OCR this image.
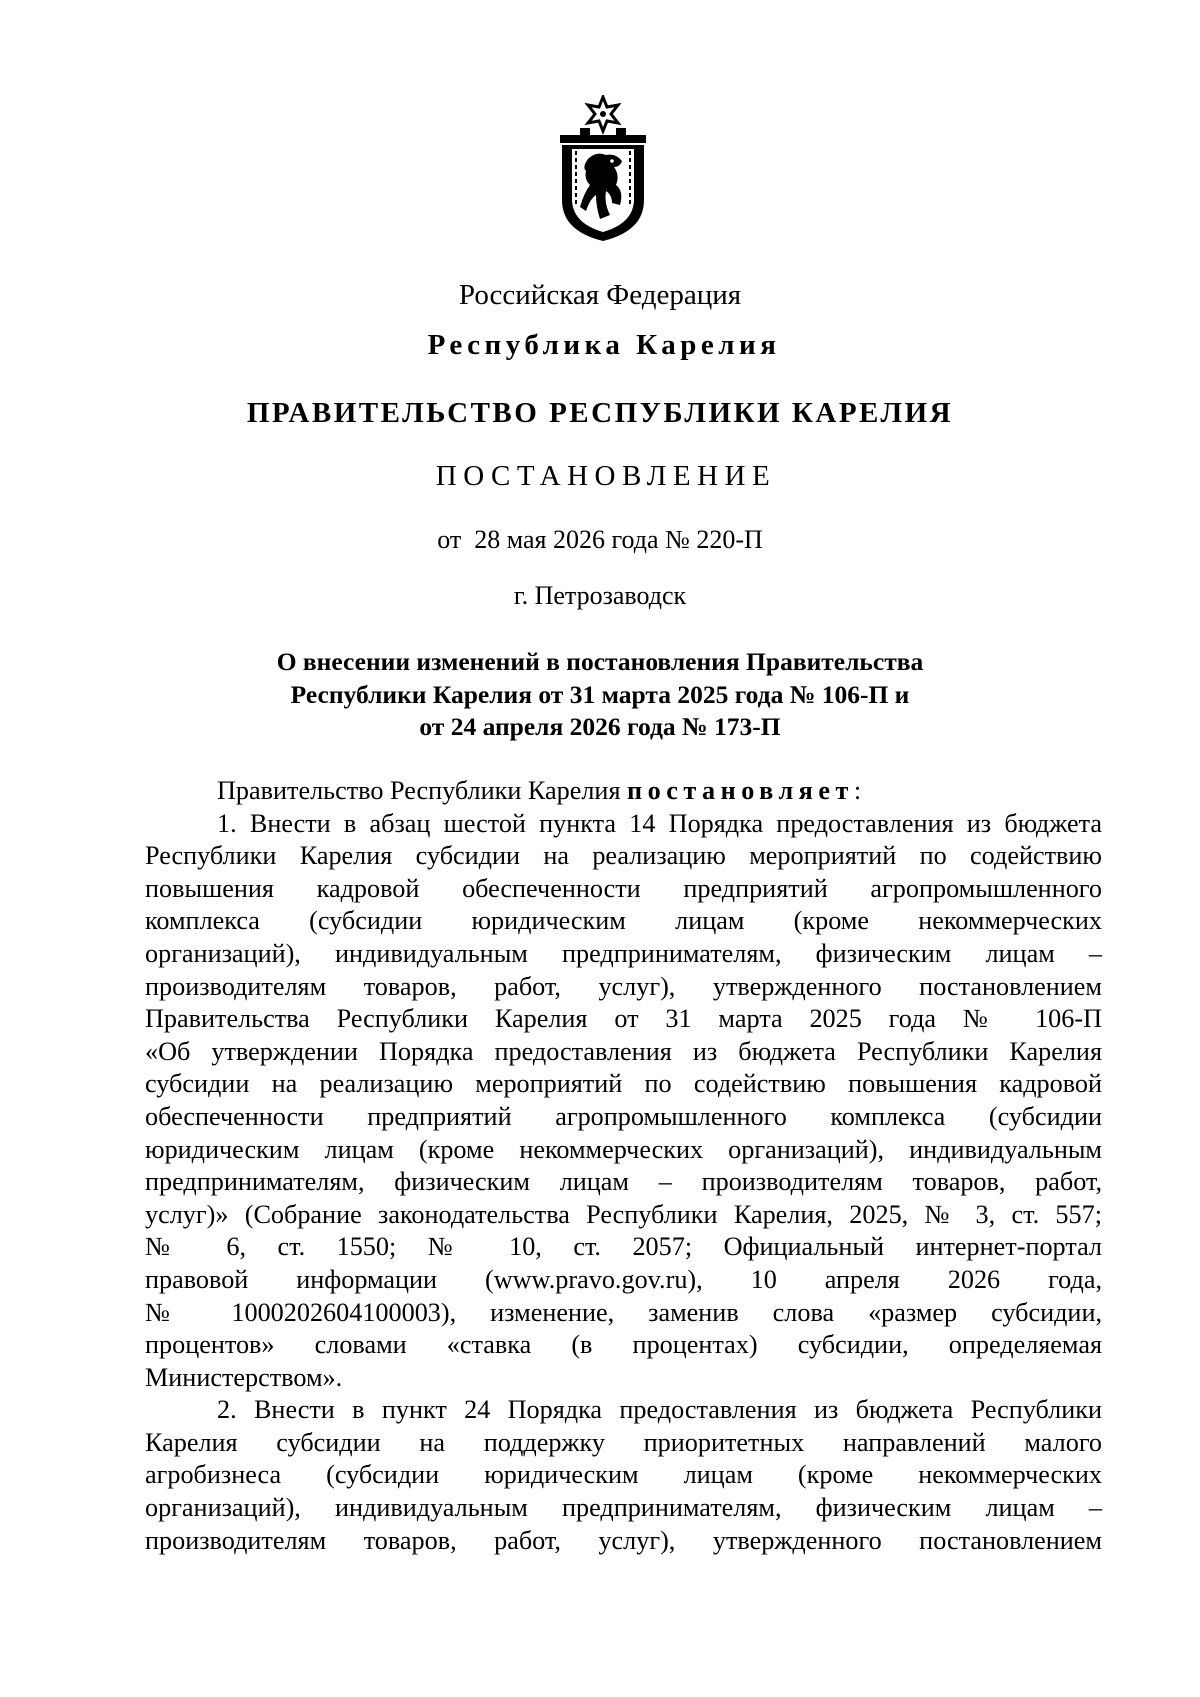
Российская Федерация
Республика Карелия
ПРАВИТЕЛЬСТВО РЕСПУБЛИКИ КАРЕЛИЯ
ПОСТАНОВЛЕНИЕ
от  28 мая 2026 года № 220-П
г. Петрозаводск
О внесении изменений в постановления Правительства
Республики Карелия от 31 марта 2025 года № 106-П и
от 24 апреля 2026 года № 173-П
Правительство Республики Карелия постановляет:
1. Внести в абзац шестой пункта 14 Порядка предоставления из бюджета
Республики Карелия субсидии на реализацию мероприятий по содействию
повышения кадровой обеспеченности предприятий агропромышленного
комплекса (субсидии юридическим лицам (кроме некоммерческих
организаций), индивидуальным предпринимателям, физическим лицам –
производителям товаров, работ, услуг), утвержденного постановлением
Правительства Республики Карелия от 31 марта 2025 года № 106-П
«Об утверждении Порядка предоставления из бюджета Республики Карелия
субсидии на реализацию мероприятий по содействию повышения кадровой
обеспеченности предприятий агропромышленного комплекса (субсидии
юридическим лицам (кроме некоммерческих организаций), индивидуальным
предпринимателям, физическим лицам – производителям товаров, работ,
услуг)» (Собрание законодательства Республики Карелия, 2025, № 3, ст. 557;
№ 6, ст. 1550; № 10, ст. 2057; Официальный интернет-портал
правовой информации (www.pravo.gov.ru), 10 апреля 2026 года,
№ 1000202604100003), изменение, заменив слова «размер субсидии,
процентов» словами «ставка (в процентах) субсидии, определяемая
Министерством».
2. Внести в пункт 24 Порядка предоставления из бюджета Республики
Карелия субсидии на поддержку приоритетных направлений малого
агробизнеса (субсидии юридическим лицам (кроме некоммерческих
организаций), индивидуальным предпринимателям, физическим лицам –
производителям товаров, работ, услуг), утвержденного постановлением
